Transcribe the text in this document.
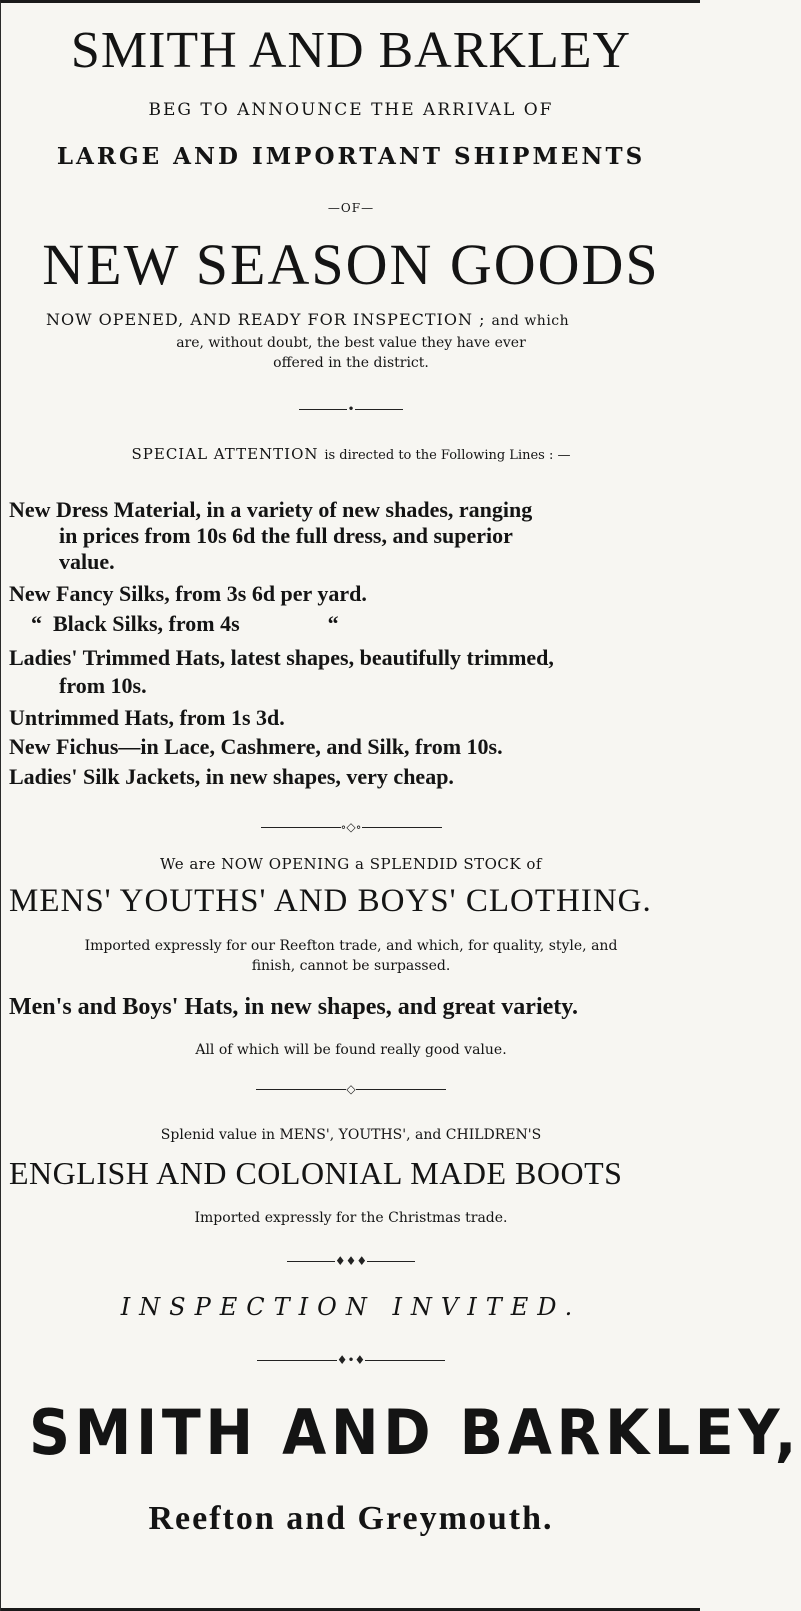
SMITH AND BARKLEY
BEG TO ANNOUNCE THE ARRIVAL OF
LARGE AND IMPORTANT SHIPMENTS
—OF—
NEW SEASON GOODS
NOW OPENED, AND READY FOR INSPECTION ; and which
are, without doubt, the best value they have ever
offered in the district.
•
SPECIAL ATTENTION is directed to the Following Lines : —
New Dress Material, in a variety of new shades, ranging
in prices from 10s 6d the full dress, and superior
value.
New Fancy Silks, from 3s 6d per yard.
“ Black Silks, from 4s	“
Ladies' Trimmed Hats, latest shapes, beautifully trimmed,
from 10s.
Untrimmed Hats, from 1s 3d.
New Fichus—in Lace, Cashmere, and Silk, from 10s.
Ladies' Silk Jackets, in new shapes, very cheap.
∘◇∘
We are NOW OPENING a SPLENDID STOCK of
MENS' YOUTHS' AND BOYS' CLOTHING.
Imported expressly for our Reefton trade, and which, for quality, style, and
finish, cannot be surpassed.
Men's and Boys' Hats, in new shapes, and great variety.
All of which will be found really good value.
◇
Splenid value in MENS', YOUTHS', and CHILDREN'S
ENGLISH AND COLONIAL MADE BOOTS
Imported expressly for the Christmas trade.
♦♦♦
INSPECTION INVITED.
♦•♦
SMITH AND BARKLEY,
Reefton and Greymouth.
